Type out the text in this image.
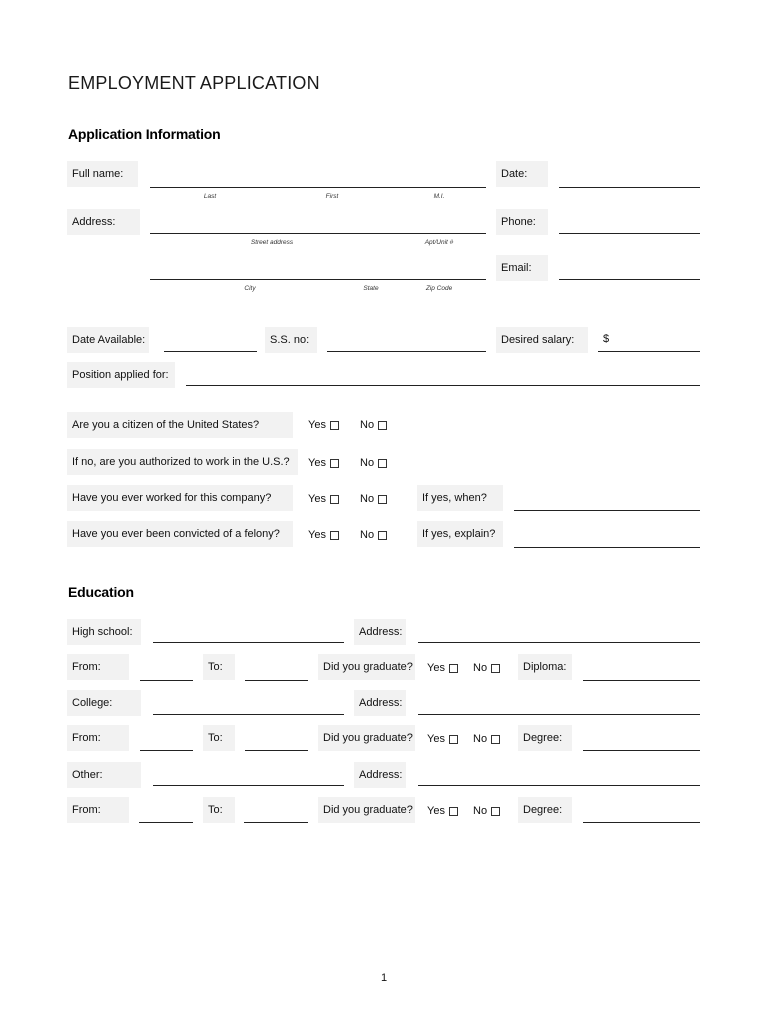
EMPLOYMENT APPLICATION
Application Information
Full name:	Date:
Last	First	M.I.
Address:	Phone:
Street address	Apt/Unit #
Email:
City	State	Zip Code
Date Available:	S.S. no:	Desired salary:	$
Position applied for:
Are you a citizen of the United States?	Yes	No
If no, are you authorized to work in the U.S.?	Yes	No
Have you ever worked for this company?	Yes	No	If yes, when?
Have you ever been convicted of a felony?	Yes	No	If yes, explain?
Education
High school:	Address:
From:	To:	Did you graduate? Yes	No	Diploma:
College:	Address:
From:	To:	Did you graduate? Yes	No	Degree:
Other:	Address:
From:	To:	Did you graduate? Yes	No	Degree:
1
